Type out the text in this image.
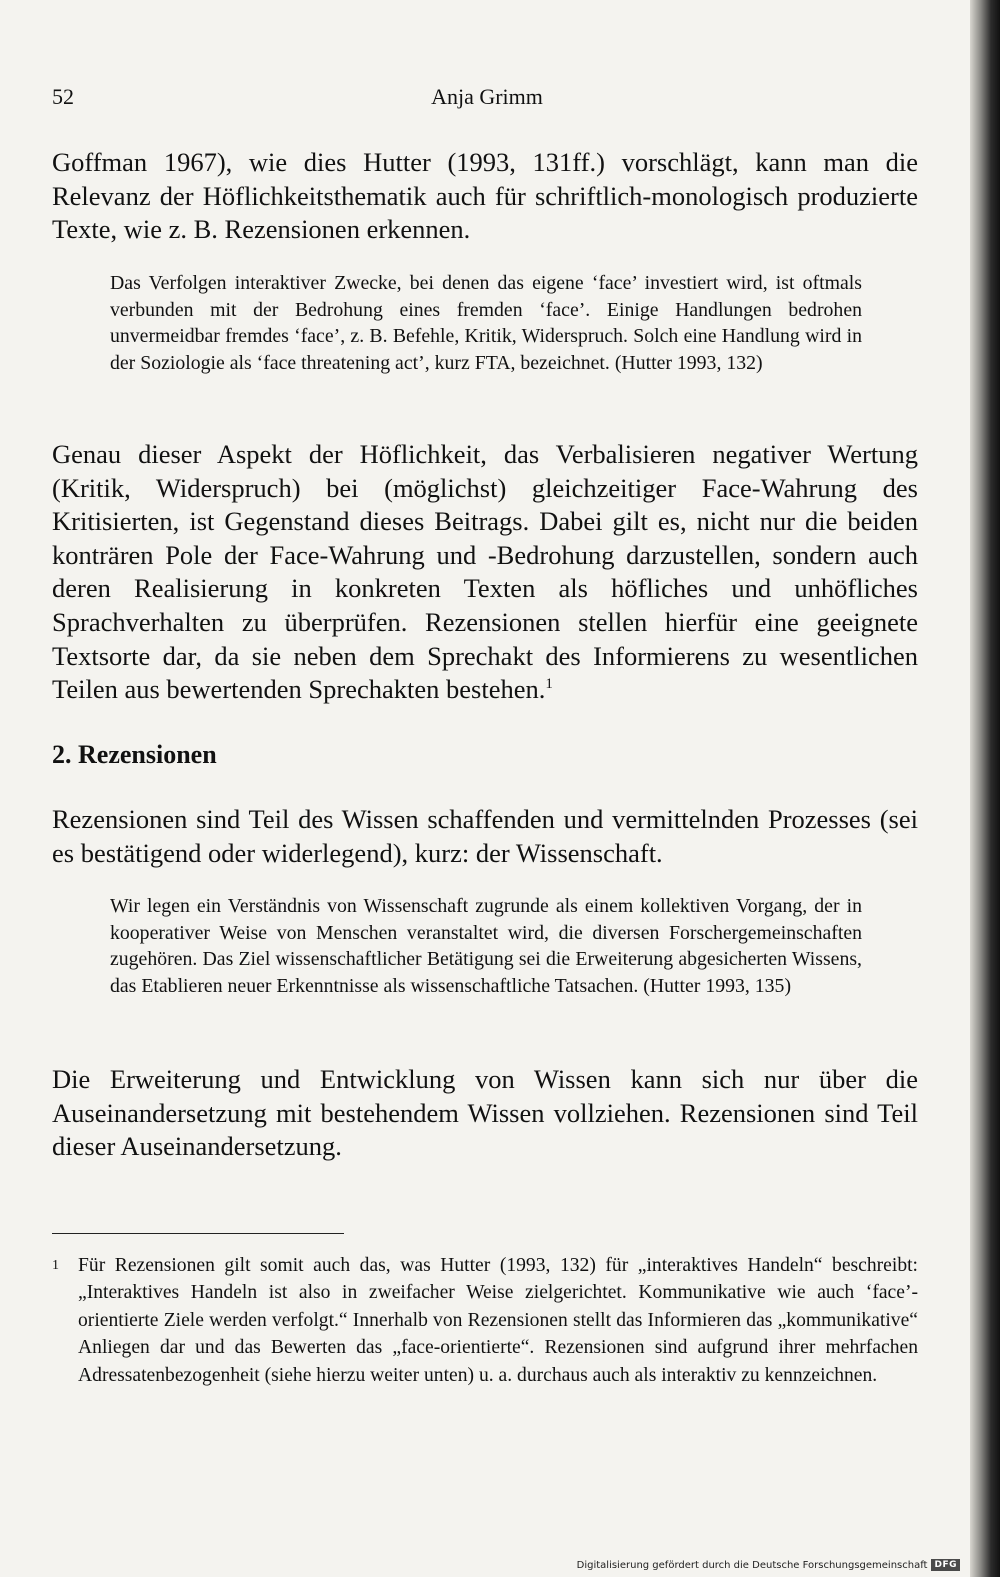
52	Anja Grimm

Goffman 1967), wie dies Hutter (1993, 131ff.) vorschlägt, kann man die Relevanz der Höflichkeitsthematik auch für schriftlich-monologisch produzierte Texte, wie z. B. Rezensionen erkennen.

Das Verfolgen interaktiver Zwecke, bei denen das eigene ‘face’ investiert wird, ist oftmals verbunden mit der Bedrohung eines fremden ‘face’. Einige Handlungen bedrohen unvermeidbar fremdes ‘face’, z. B. Befehle, Kritik, Widerspruch. Solch eine Handlung wird in der Soziologie als ‘face threatening act’, kurz FTA, bezeichnet. (Hutter 1993, 132)

Genau dieser Aspekt der Höflichkeit, das Verbalisieren negativer Wertung (Kritik, Widerspruch) bei (möglichst) gleichzeitiger Face-Wahrung des Kritisierten, ist Gegenstand dieses Beitrags. Dabei gilt es, nicht nur die beiden konträren Pole der Face-Wahrung und -Bedrohung darzustellen, sondern auch deren Realisierung in konkreten Texten als höfliches und unhöfliches Sprachverhalten zu überprüfen. Rezensionen stellen hierfür eine geeignete Textsorte dar, da sie neben dem Sprechakt des Informierens zu wesentlichen Teilen aus bewertenden Sprechakten bestehen.$^1$

2. Rezensionen

Rezensionen sind Teil des Wissen schaffenden und vermittelnden Prozesses (sei es bestätigend oder widerlegend), kurz: der Wissenschaft.

Wir legen ein Verständnis von Wissenschaft zugrunde als einem kollektiven Vorgang, der in kooperativer Weise von Menschen veranstaltet wird, die diversen Forschergemeinschaften zugehören. Das Ziel wissenschaftlicher Betätigung sei die Erweiterung abgesicherten Wissens, das Etablieren neuer Erkenntnisse als wissenschaftliche Tatsachen. (Hutter 1993, 135)

Die Erweiterung und Entwicklung von Wissen kann sich nur über die Auseinandersetzung mit bestehendem Wissen vollziehen. Rezensionen sind Teil dieser Auseinandersetzung.

1 Für Rezensionen gilt somit auch das, was Hutter (1993, 132) für „interaktives Handeln“ beschreibt: „Interaktives Handeln ist also in zweifacher Weise zielgerichtet. Kommunikative wie auch ‘face’-orientierte Ziele werden verfolgt.“ Innerhalb von Rezensionen stellt das Informieren das „kommunikative“ Anliegen dar und das Bewerten das „face-orientierte“. Rezensionen sind aufgrund ihrer mehrfachen Adressatenbezogenheit (siehe hierzu weiter unten) u. a. durchaus auch als interaktiv zu kennzeichnen.

Digitalisierung gefördert durch die Deutsche Forschungsgemeinschaft DFG
